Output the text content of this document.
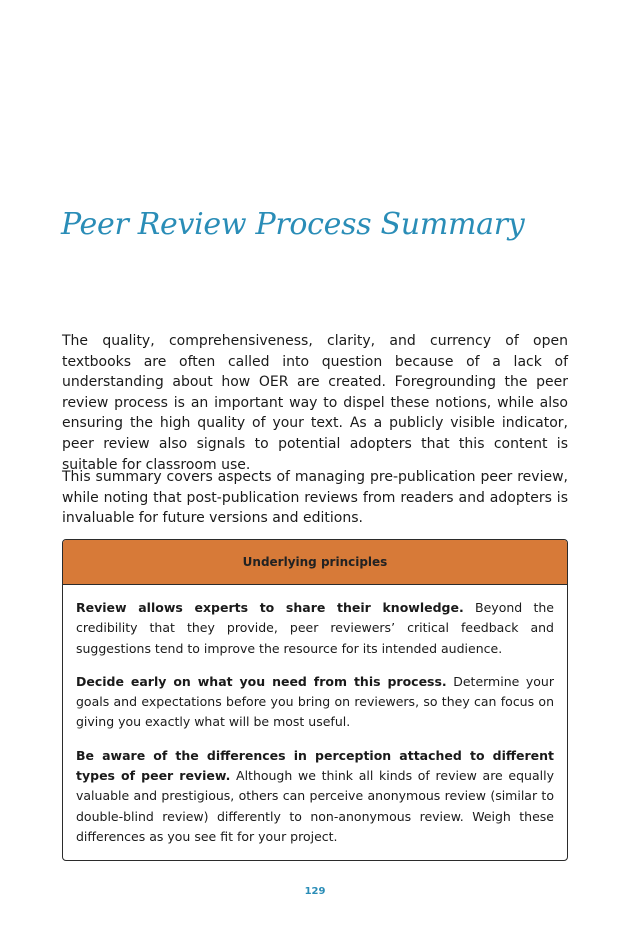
Peer Review Process Summary

The quality, comprehensiveness, clarity, and currency of open textbooks are often called into question because of a lack of understanding about how OER are created. Foregrounding the peer review process is an important way to dispel these notions, while also ensuring the high quality of your text. As a publicly visible indicator, peer review also signals to potential adopters that this content is suitable for classroom use.

This summary covers aspects of managing pre-publication peer review, while noting that post-publication reviews from readers and adopters is invaluable for future versions and editions.

Underlying principles

Review allows experts to share their knowledge. Beyond the credibility that they provide, peer reviewers’ critical feedback and suggestions tend to improve the resource for its intended audience.

Decide early on what you need from this process. Determine your goals and expectations before you bring on reviewers, so they can focus on giving you exactly what will be most useful.

Be aware of the differences in perception attached to different types of peer review. Although we think all kinds of review are equally valuable and prestigious, others can perceive anonymous review (similar to double-blind review) differently to non-anonymous review. Weigh these differences as you see fit for your project.

129
